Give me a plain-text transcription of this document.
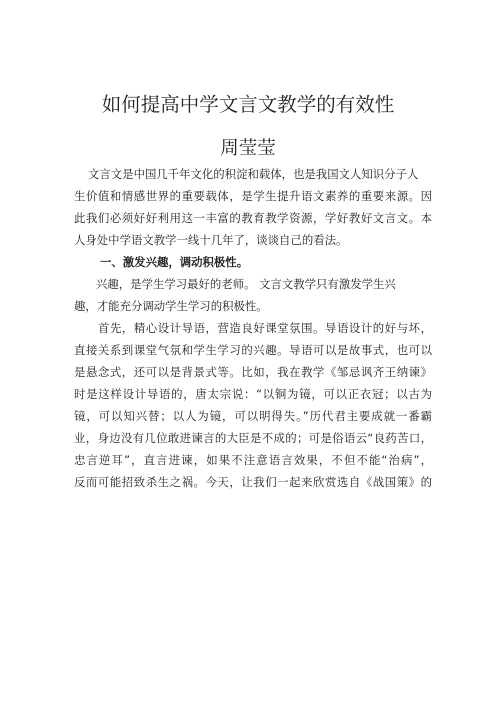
如何提高中学文言文教学的有效性
周莹莹
文言文是中国几千年文化的积淀和载体，也是我国文人知识分子人
生价值和情感世界的重要载体，是学生提升语文素养的重要来源。因
此我们必须好好利用这一丰富的教育教学资源，学好教好文言文。本
人身处中学语文教学一线十几年了，谈谈自己的看法。
一、激发兴趣，调动积极性。
兴趣，是学生学习最好的老师。 文言文教学只有激发学生兴
趣，才能充分调动学生学习的积极性。
首先，精心设计导语，营造良好课堂氛围。导语设计的好与坏，
直接关系到课堂气氛和学生学习的兴趣。导语可以是故事式，也可以
是悬念式，还可以是背景式等。比如，我在教学《邹忌讽齐王纳谏》
时是这样设计导语的，唐太宗说：“以铜为镜，可以正衣冠；以古为
镜，可以知兴替；以人为镜，可以明得失。”历代君主要成就一番霸
业，身边没有几位敢进谏言的大臣是不成的；可是俗语云“良药苦口，
忠言逆耳”，直言进谏，如果不注意语言效果，不但不能“治病”，
反而可能招致杀生之祸。今天，让我们一起来欣赏选自《战国策》的
